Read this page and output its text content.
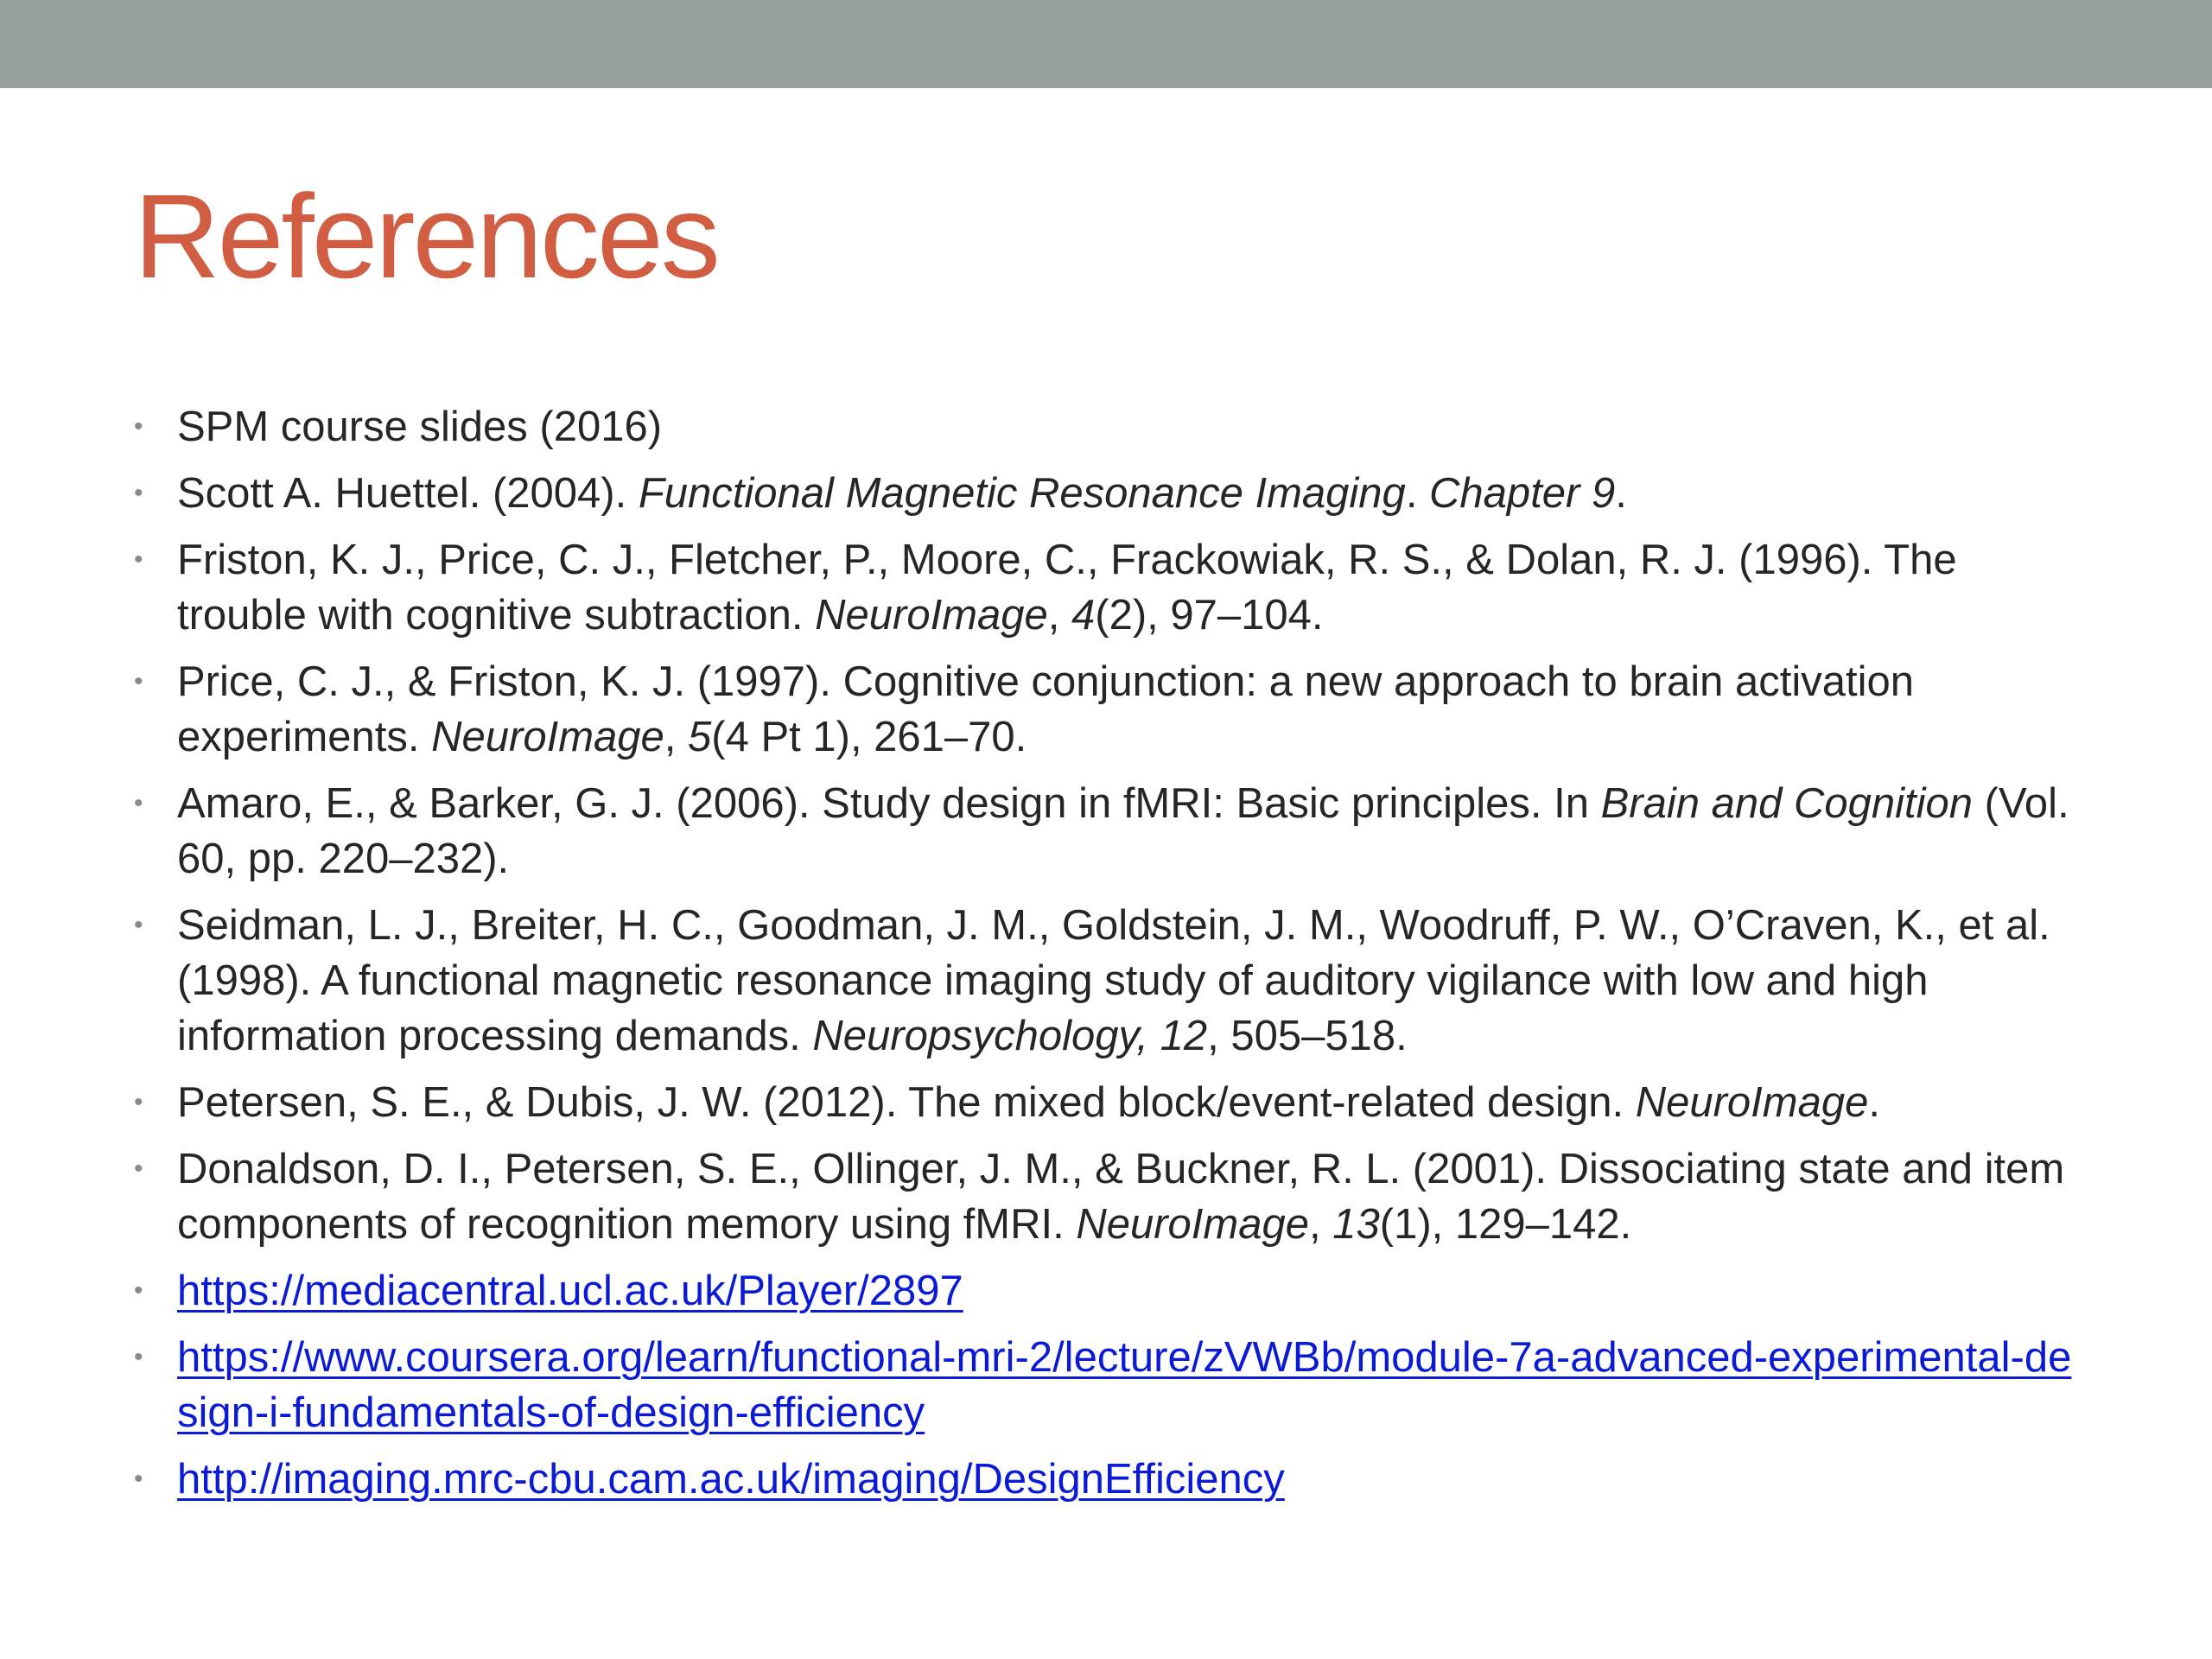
References
• SPM course slides (2016)
• Scott A. Huettel. (2004). Functional Magnetic Resonance Imaging. Chapter 9.
• Friston, K. J., Price, C. J., Fletcher, P., Moore, C., Frackowiak, R. S., & Dolan, R. J. (1996). The trouble with cognitive subtraction. NeuroImage, 4(2), 97–104.
• Price, C. J., & Friston, K. J. (1997). Cognitive conjunction: a new approach to brain activation experiments. NeuroImage, 5(4 Pt 1), 261–70.
• Amaro, E., & Barker, G. J. (2006). Study design in fMRI: Basic principles. In Brain and Cognition (Vol. 60, pp. 220–232).
• Seidman, L. J., Breiter, H. C., Goodman, J. M., Goldstein, J. M., Woodruff, P. W., O’Craven, K., et al. (1998). A functional magnetic resonance imaging study of auditory vigilance with low and high information processing demands. Neuropsychology, 12, 505–518.
• Petersen, S. E., & Dubis, J. W. (2012). The mixed block/event-related design. NeuroImage.
• Donaldson, D. I., Petersen, S. E., Ollinger, J. M., & Buckner, R. L. (2001). Dissociating state and item components of recognition memory using fMRI. NeuroImage, 13(1), 129–142.
• https://mediacentral.ucl.ac.uk/Player/2897
• https://www.coursera.org/learn/functional-mri-2/lecture/zVWBb/module-7a-advanced-experimental-design-i-fundamentals-of-design-efficiency
• http://imaging.mrc-cbu.cam.ac.uk/imaging/DesignEfficiency
